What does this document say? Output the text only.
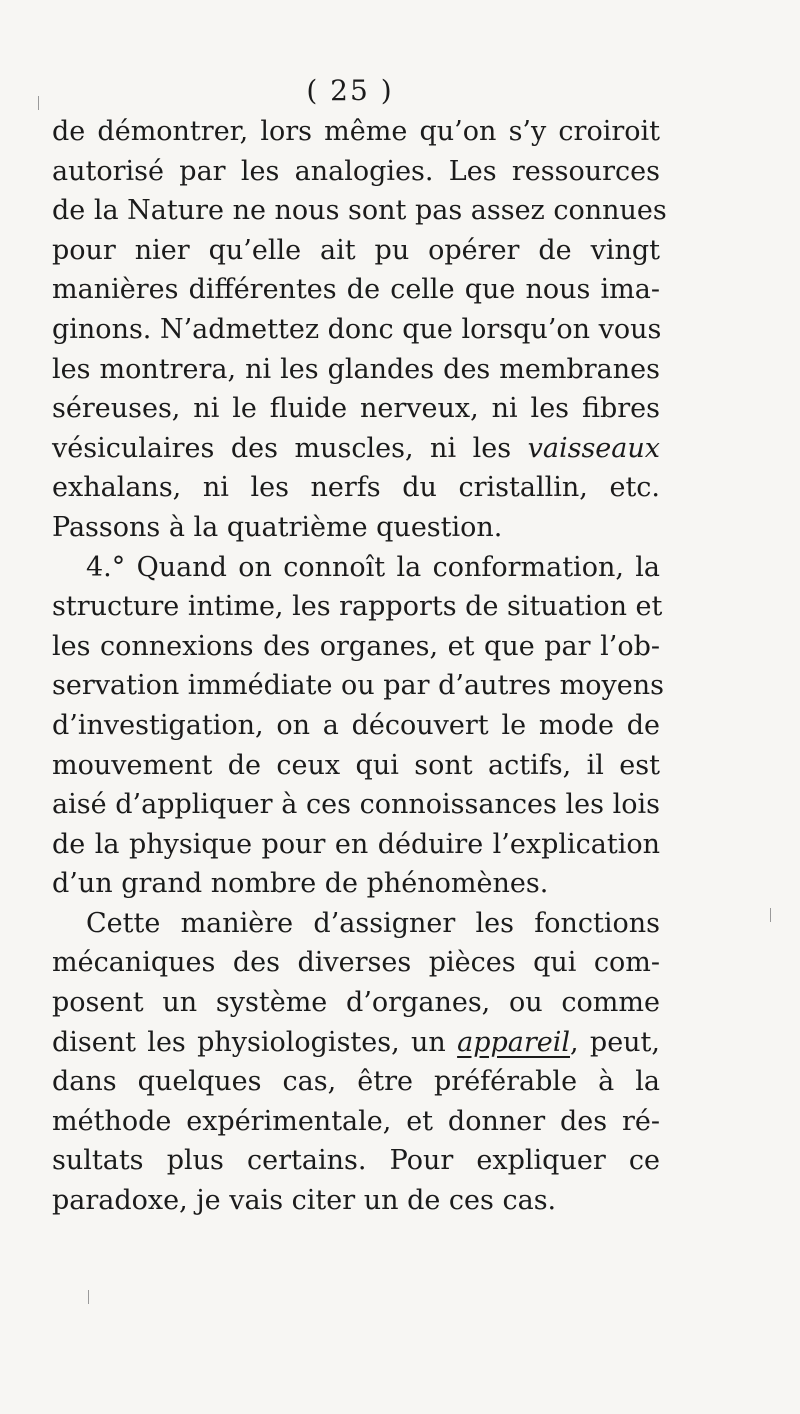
( 25 )
de démontrer, lors même qu’on s’y croiroit
autorisé par les analogies. Les ressources
de la Nature ne nous sont pas assez connues
pour nier qu’elle ait pu opérer de vingt
manières différentes de celle que nous ima-
ginons. N’admettez donc que lorsqu’on vous
les montrera, ni les glandes des membranes
séreuses, ni le fluide nerveux, ni les fibres
vésiculaires des muscles, ni les vaisseaux
exhalans, ni les nerfs du cristallin, etc.
Passons à la quatrième question.
4.° Quand on connoît la conformation, la
structure intime, les rapports de situation et
les connexions des organes, et que par l’ob-
servation immédiate ou par d’autres moyens
d’investigation, on a découvert le mode de
mouvement de ceux qui sont actifs, il est
aisé d’appliquer à ces connoissances les lois
de la physique pour en déduire l’explication
d’un grand nombre de phénomènes.
Cette manière d’assigner les fonctions
mécaniques des diverses pièces qui com-
posent un système d’organes, ou comme
disent les physiologistes, un appareil, peut,
dans quelques cas, être préférable à la
méthode expérimentale, et donner des ré-
sultats plus certains. Pour expliquer ce
paradoxe, je vais citer un de ces cas.
